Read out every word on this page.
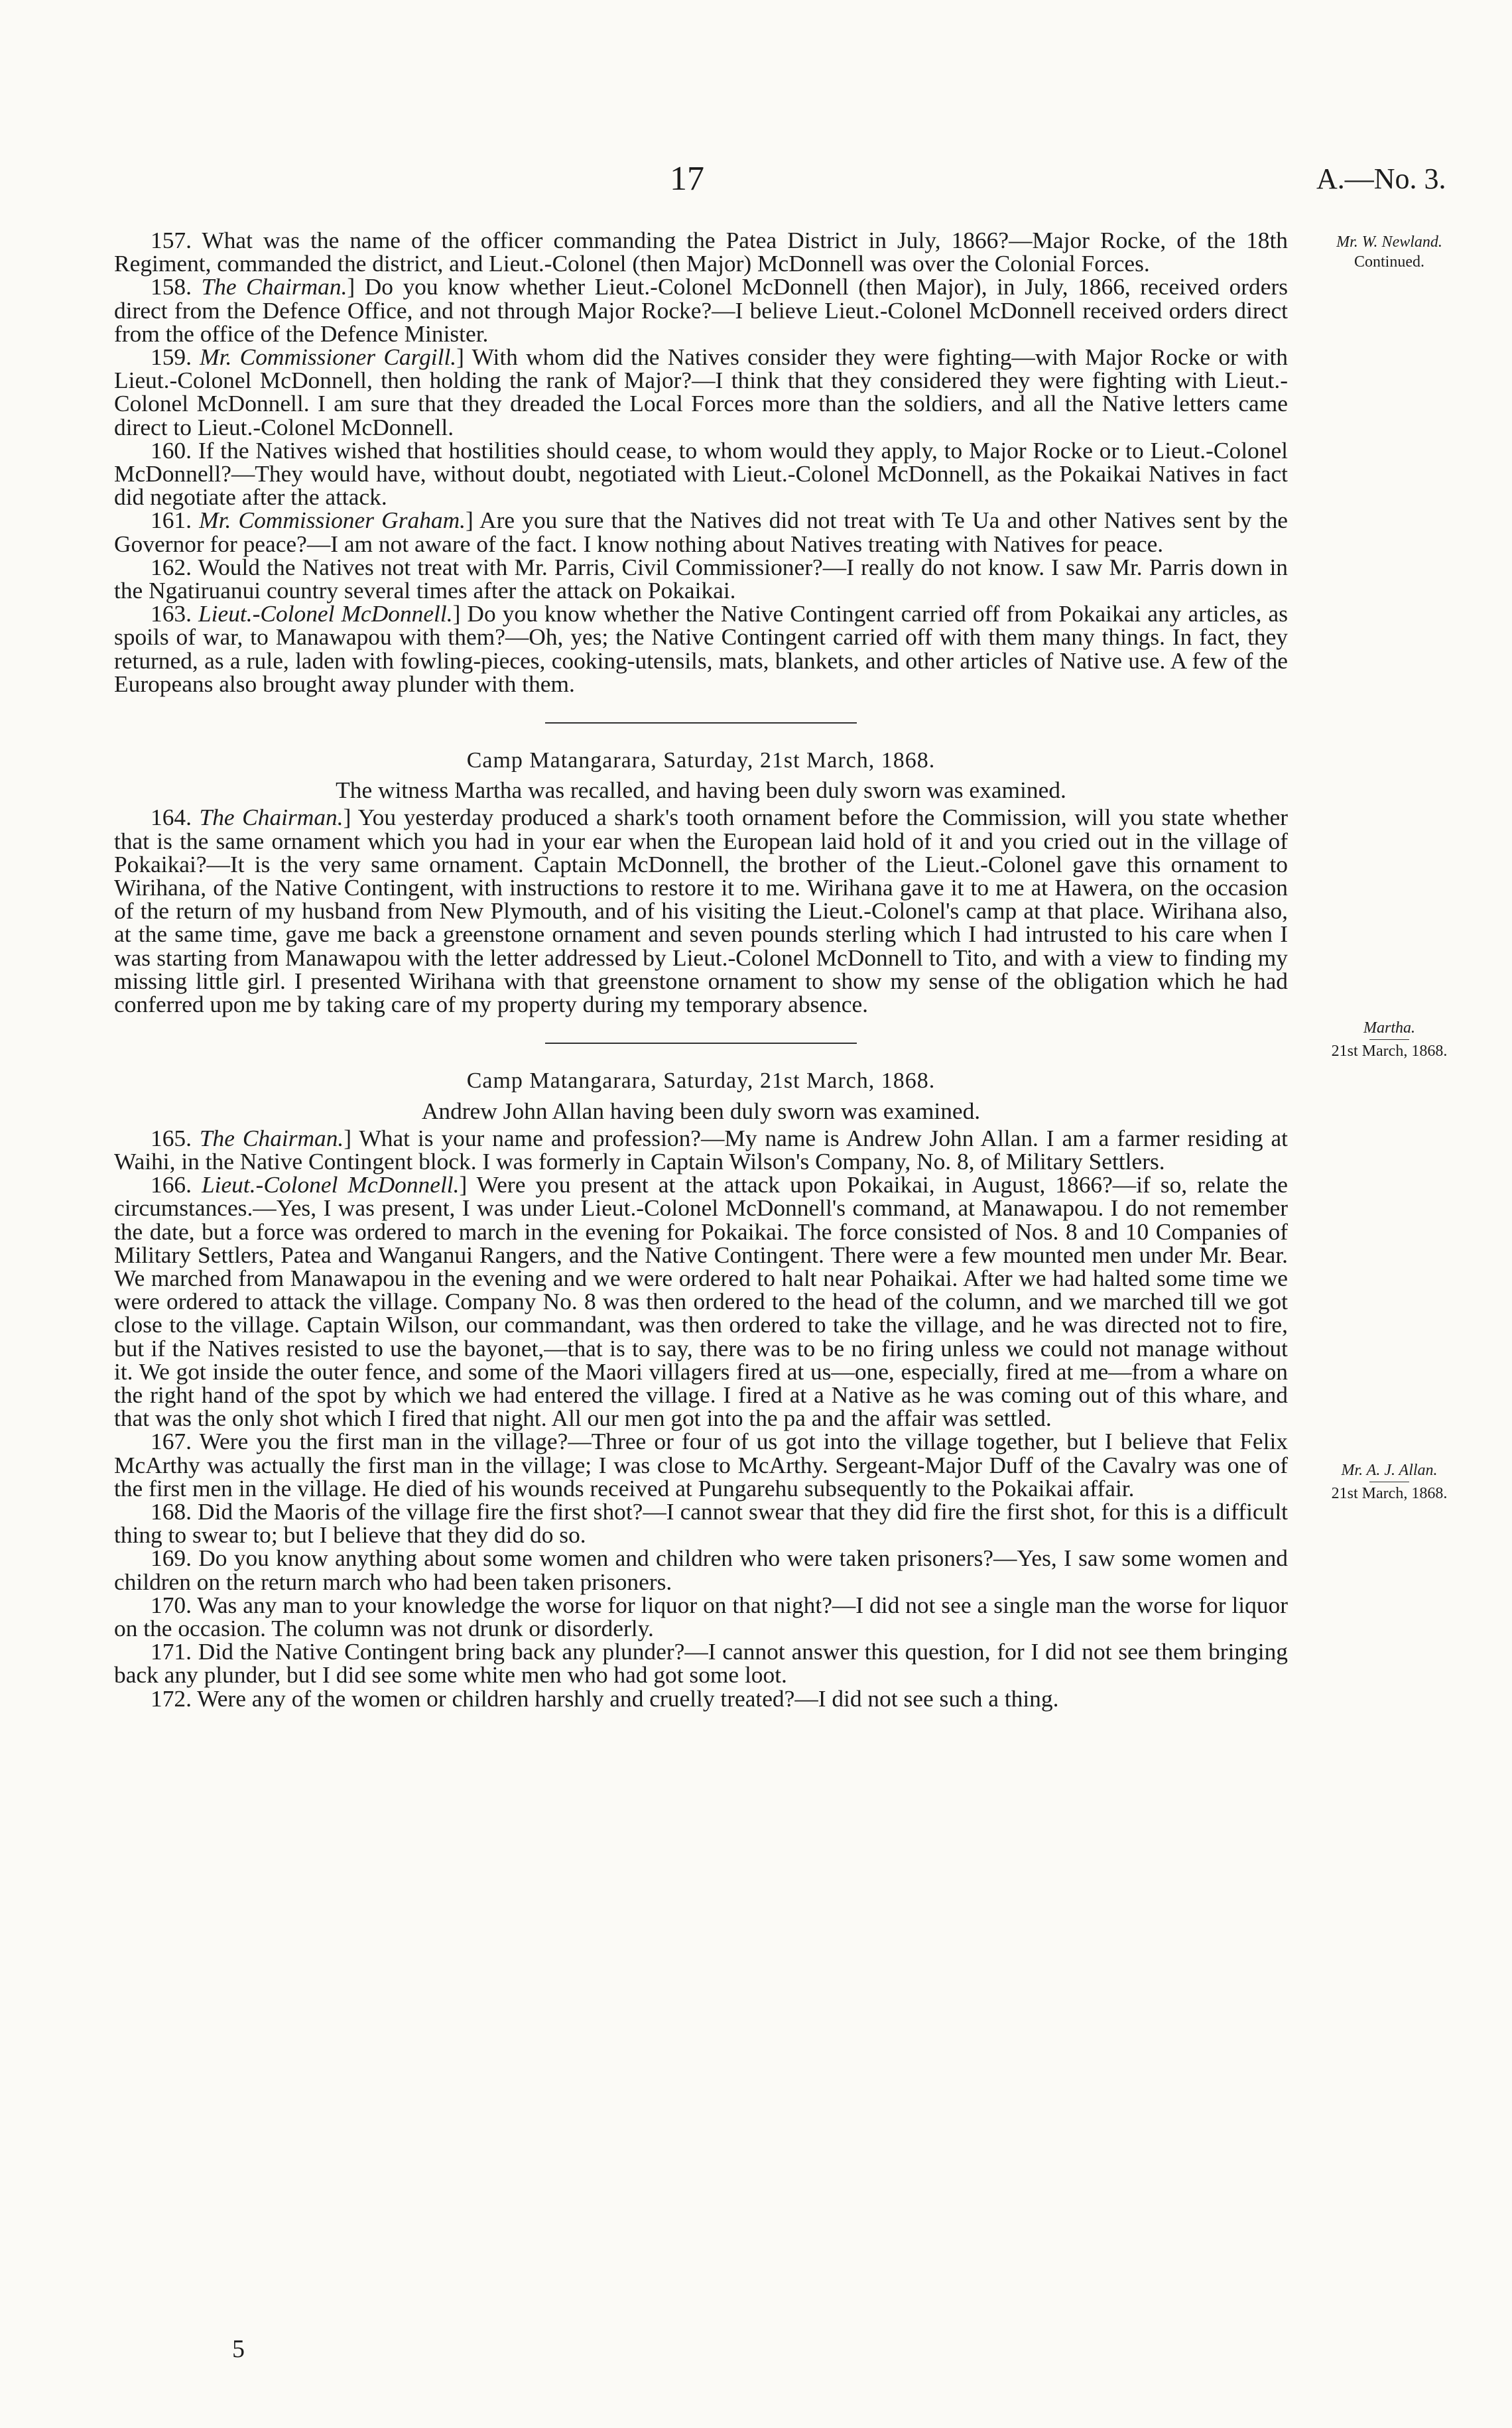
17	A.—No. 3.
Mr. W. Newland.
Continued.
Martha.
21st March, 1868.
Mr. A. J. Allan.
21st March, 1868.

157. What was the name of the officer commanding the Patea District in July, 1866?—Major Rocke, of the 18th Regiment, commanded the district, and Lieut.-Colonel (then Major) McDonnell was over the Colonial Forces.

158. The Chairman.] Do you know whether Lieut.-Colonel McDonnell (then Major), in July, 1866, received orders direct from the Defence Office, and not through Major Rocke?—I believe Lieut.-Colonel McDonnell received orders direct from the office of the Defence Minister.

159. Mr. Commissioner Cargill.] With whom did the Natives consider they were fighting—with Major Rocke or with Lieut.-Colonel McDonnell, then holding the rank of Major?—I think that they considered they were fighting with Lieut.-Colonel McDonnell. I am sure that they dreaded the Local Forces more than the soldiers, and all the Native letters came direct to Lieut.-Colonel McDonnell.

160. If the Natives wished that hostilities should cease, to whom would they apply, to Major Rocke or to Lieut.-Colonel McDonnell?—They would have, without doubt, negotiated with Lieut.-Colonel McDonnell, as the Pokaikai Natives in fact did negotiate after the attack.

161. Mr. Commissioner Graham.] Are you sure that the Natives did not treat with Te Ua and other Natives sent by the Governor for peace?—I am not aware of the fact. I know nothing about Natives treating with Natives for peace.

162. Would the Natives not treat with Mr. Parris, Civil Commissioner?—I really do not know. I saw Mr. Parris down in the Ngatiruanui country several times after the attack on Pokaikai.

163. Lieut.-Colonel McDonnell.] Do you know whether the Native Contingent carried off from Pokaikai any articles, as spoils of war, to Manawapou with them?—Oh, yes; the Native Contingent carried off with them many things. In fact, they returned, as a rule, laden with fowling-pieces, cooking-utensils, mats, blankets, and other articles of Native use. A few of the Europeans also brought away plunder with them.

Camp Matangarara, Saturday, 21st March, 1868.
The witness Martha was recalled, and having been duly sworn was examined.

164. The Chairman.] You yesterday produced a shark's tooth ornament before the Commission, will you state whether that is the same ornament which you had in your ear when the European laid hold of it and you cried out in the village of Pokaikai?—It is the very same ornament. Captain McDonnell, the brother of the Lieut.-Colonel gave this ornament to Wirihana, of the Native Contingent, with instructions to restore it to me. Wirihana gave it to me at Hawera, on the occasion of the return of my husband from New Plymouth, and of his visiting the Lieut.-Colonel's camp at that place. Wirihana also, at the same time, gave me back a greenstone ornament and seven pounds sterling which I had intrusted to his care when I was starting from Manawapou with the letter addressed by Lieut.-Colonel McDonnell to Tito, and with a view to finding my missing little girl. I presented Wirihana with that greenstone ornament to show my sense of the obligation which he had conferred upon me by taking care of my property during my temporary absence.

Camp Matangarara, Saturday, 21st March, 1868.
Andrew John Allan having been duly sworn was examined.

165. The Chairman.] What is your name and profession?—My name is Andrew John Allan. I am a farmer residing at Waihi, in the Native Contingent block. I was formerly in Captain Wilson's Company, No. 8, of Military Settlers.

166. Lieut.-Colonel McDonnell.] Were you present at the attack upon Pokaikai, in August, 1866?—if so, relate the circumstances.—Yes, I was present, I was under Lieut.-Colonel McDonnell's command, at Manawapou. I do not remember the date, but a force was ordered to march in the evening for Pokaikai. The force consisted of Nos. 8 and 10 Companies of Military Settlers, Patea and Wanganui Rangers, and the Native Contingent. There were a few mounted men under Mr. Bear. We marched from Manawapou in the evening and we were ordered to halt near Pohaikai. After we had halted some time we were ordered to attack the village. Company No. 8 was then ordered to the head of the column, and we marched till we got close to the village. Captain Wilson, our commandant, was then ordered to take the village, and he was directed not to fire, but if the Natives resisted to use the bayonet,—that is to say, there was to be no firing unless we could not manage without it. We got inside the outer fence, and some of the Maori villagers fired at us—one, especially, fired at me—from a whare on the right hand of the spot by which we had entered the village. I fired at a Native as he was coming out of this whare, and that was the only shot which I fired that night. All our men got into the pa and the affair was settled.

167. Were you the first man in the village?—Three or four of us got into the village together, but I believe that Felix McArthy was actually the first man in the village; I was close to McArthy. Sergeant-Major Duff of the Cavalry was one of the first men in the village. He died of his wounds received at Pungarehu subsequently to the Pokaikai affair.

168. Did the Maoris of the village fire the first shot?—I cannot swear that they did fire the first shot, for this is a difficult thing to swear to; but I believe that they did do so.

169. Do you know anything about some women and children who were taken prisoners?—Yes, I saw some women and children on the return march who had been taken prisoners.

170. Was any man to your knowledge the worse for liquor on that night?—I did not see a single man the worse for liquor on the occasion. The column was not drunk or disorderly.

171. Did the Native Contingent bring back any plunder?—I cannot answer this question, for I did not see them bringing back any plunder, but I did see some white men who had got some loot.

172. Were any of the women or children harshly and cruelly treated?—I did not see such a thing.

5
